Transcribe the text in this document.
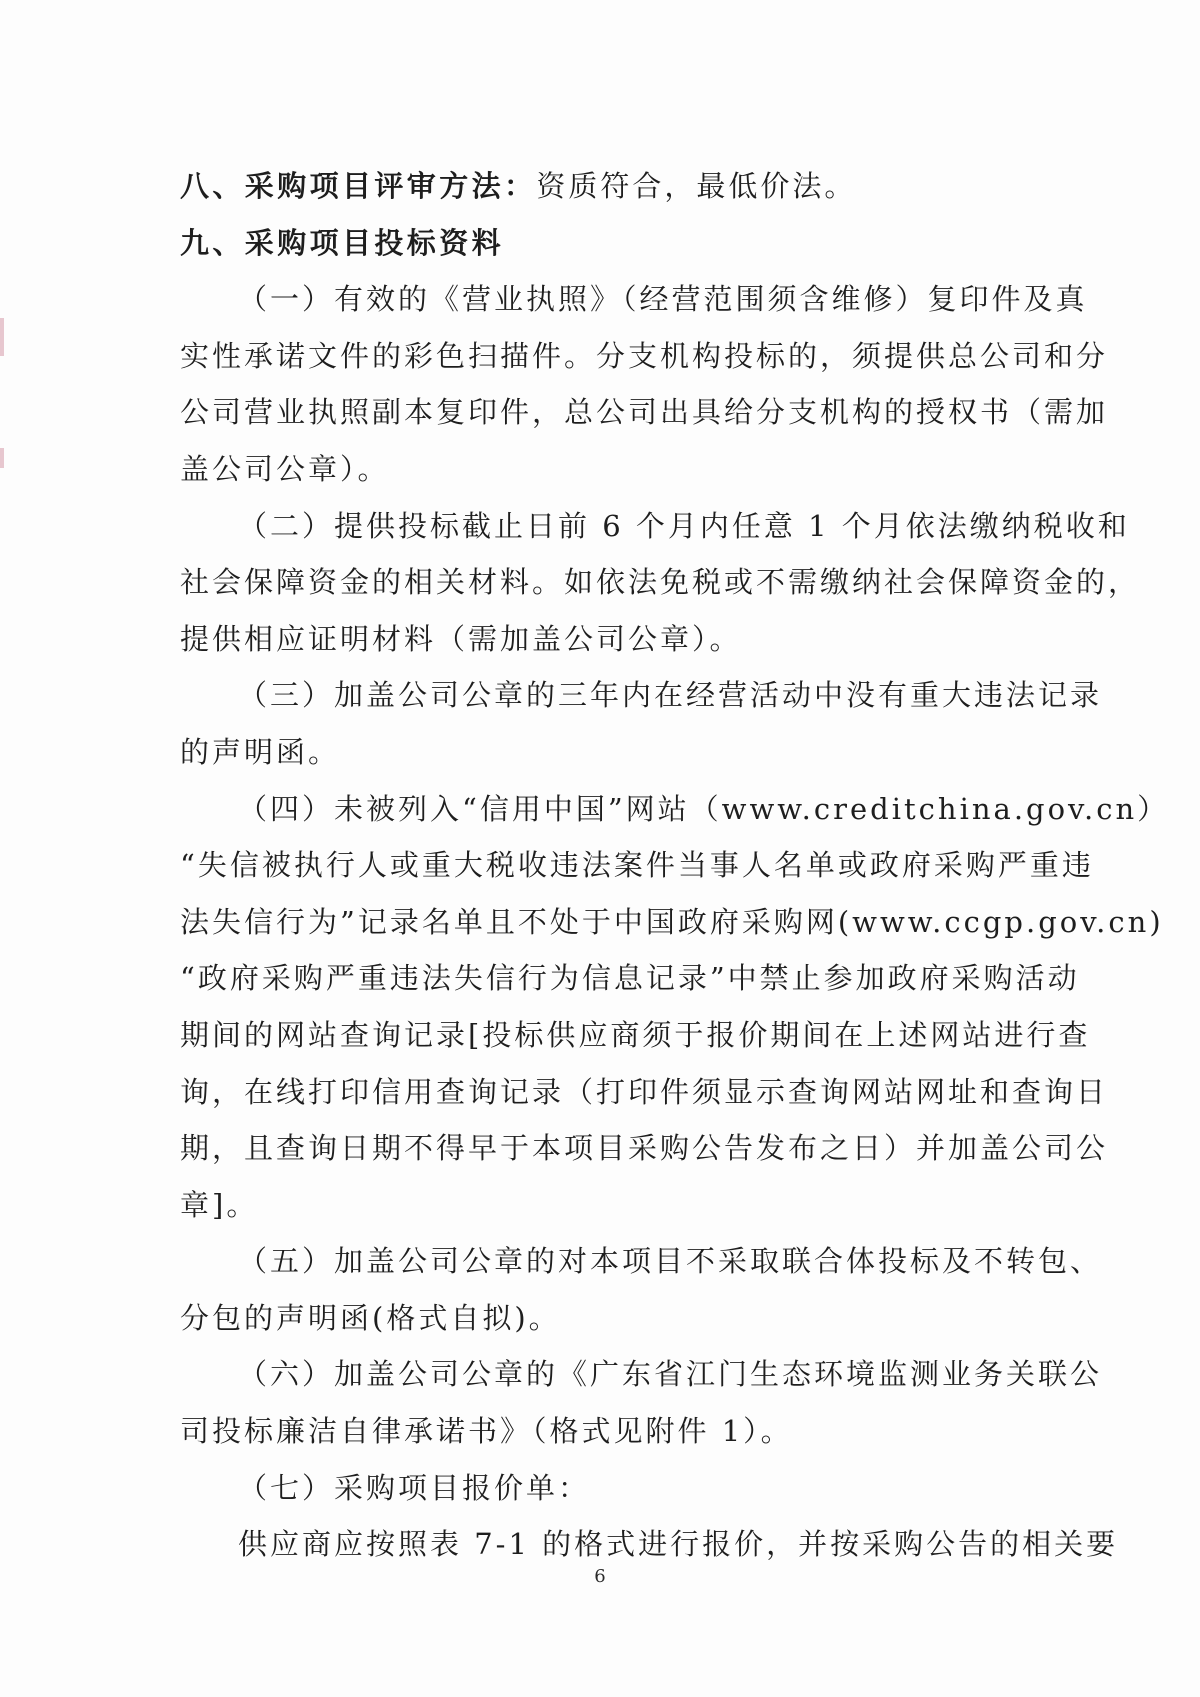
八、采购项目评审方法：资质符合，最低价法。
九、采购项目投标资料
（一）有效的《营业执照》（经营范围须含维修）复印件及真
实性承诺文件的彩色扫描件。分支机构投标的，须提供总公司和分
公司营业执照副本复印件，总公司出具给分支机构的授权书（需加
盖公司公章）。
（二）提供投标截止日前 6 个月内任意 1 个月依法缴纳税收和
社会保障资金的相关材料。如依法免税或不需缴纳社会保障资金的，
提供相应证明材料（需加盖公司公章）。
（三）加盖公司公章的三年内在经营活动中没有重大违法记录
的声明函。
（四）未被列入“信用中国”网站（www.creditchina.gov.cn）
“失信被执行人或重大税收违法案件当事人名单或政府采购严重违
法失信行为”记录名单且不处于中国政府采购网(www.ccgp.gov.cn)
“政府采购严重违法失信行为信息记录”中禁止参加政府采购活动
期间的网站查询记录[投标供应商须于报价期间在上述网站进行查
询，在线打印信用查询记录（打印件须显示查询网站网址和查询日
期，且查询日期不得早于本项目采购公告发布之日）并加盖公司公
章]。
（五）加盖公司公章的对本项目不采取联合体投标及不转包、
分包的声明函(格式自拟)。
（六）加盖公司公章的《广东省江门生态环境监测业务关联公
司投标廉洁自律承诺书》（格式见附件 1）。
（七）采购项目报价单：
供应商应按照表 7-1 的格式进行报价，并按采购公告的相关要
6
